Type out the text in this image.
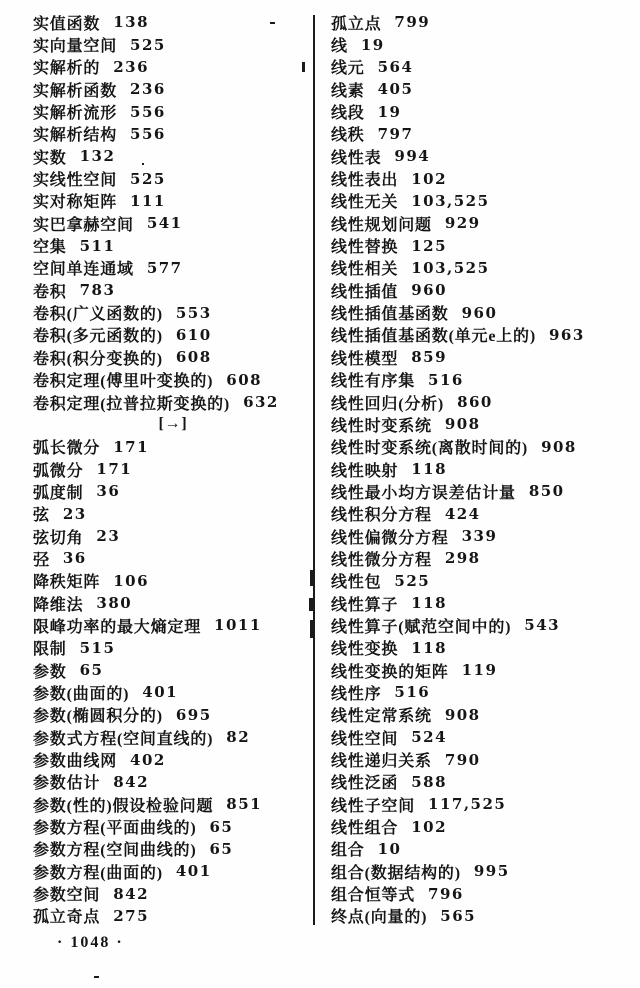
实值函数 138
实向量空间 525
实解析的 236
实解析函数 236
实解析流形 556
实解析结构 556
实数 132
实线性空间 525
实对称矩阵 111
实巴拿赫空间 541
空集 511
空间单连通域 577
卷积 783
卷积(广义函数的) 553
卷积(多元函数的) 610
卷积(积分变换的) 608
卷积定理(傅里叶变换的) 608
卷积定理(拉普拉斯变换的) 632
[→]
弧长微分 171
弧微分 171
弧度制 36
弦 23
弦切角 23
弪 36
降秩矩阵 106
降维法 380
限峰功率的最大熵定理 1011
限制 515
参数 65
参数(曲面的) 401
参数(椭圆积分的) 695
参数式方程(空间直线的) 82
参数曲线网 402
参数估计 842
参数(性的)假设检验问题 851
参数方程(平面曲线的) 65
参数方程(空间曲线的) 65
参数方程(曲面的) 401
参数空间 842
孤立奇点 275
孤立点 799
线 19
线元 564
线素 405
线段 19
线秩 797
线性表 994
线性表出 102
线性无关 103,525
线性规划问题 929
线性替换 125
线性相关 103,525
线性插值 960
线性插值基函数 960
线性插值基函数(单元e上的) 963
线性模型 859
线性有序集 516
线性回归(分析) 860
线性时变系统 908
线性时变系统(离散时间的) 908
线性映射 118
线性最小均方误差估计量 850
线性积分方程 424
线性偏微分方程 339
线性微分方程 298
线性包 525
线性算子 118
线性算子(赋范空间中的) 543
线性变换 118
线性变换的矩阵 119
线性序 516
线性定常系统 908
线性空间 524
线性递归关系 790
线性泛函 588
线性子空间 117,525
线性组合 102
组合 10
组合(数据结构的) 995
组合恒等式 796
终点(向量的) 565
· 1048 ·
